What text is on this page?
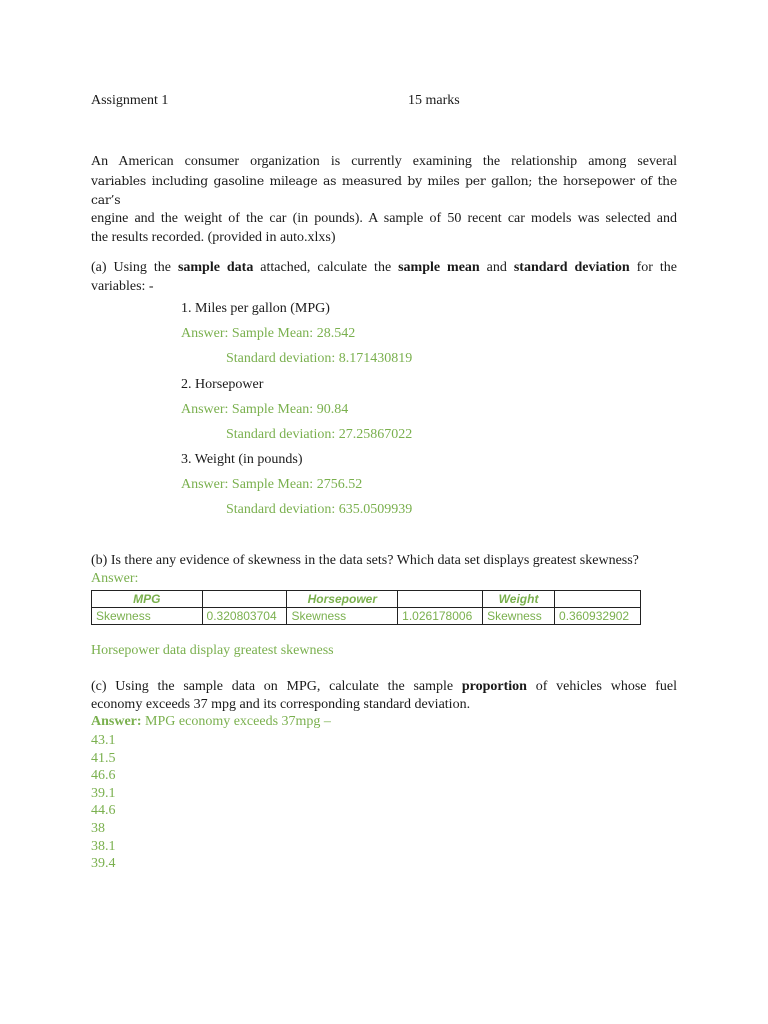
Assignment 1	15 marks
An American consumer organization is currently examining the relationship among several
variables including gasoline mileage as measured by miles per gallon; the horsepower of the car’s
engine and the weight of the car (in pounds). A sample of 50 recent car models was selected and
the results recorded. (provided in auto.xlxs)
(a) Using the sample data attached, calculate the sample mean and standard deviation for the
variables: -
1. Miles per gallon (MPG)
Answer: Sample Mean: 28.542
Standard deviation: 8.171430819
2. Horsepower
Answer: Sample Mean: 90.84
Standard deviation: 27.25867022
3. Weight (in pounds)
Answer: Sample Mean: 2756.52
Standard deviation: 635.0509939
(b) Is there any evidence of skewness in the data sets? Which data set displays greatest skewness?
Answer:
MPG		Horsepower		Weight	
Skewness	0.320803704	Skewness	1.026178006	Skewness	0.360932902
Horsepower data display greatest skewness
(c) Using the sample data on MPG, calculate the sample proportion of vehicles whose fuel
economy exceeds 37 mpg and its corresponding standard deviation.
Answer: MPG economy exceeds 37mpg –
43.1
41.5
46.6
39.1
44.6
38
38.1
39.4
